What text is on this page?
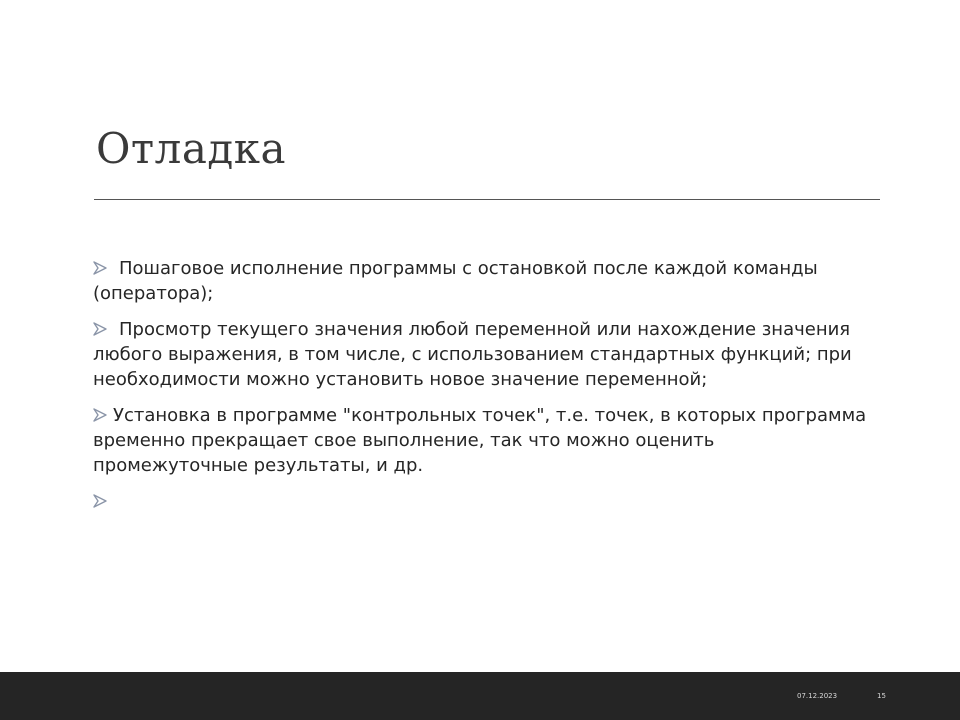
Отладка
Пошаговое исполнение программы с остановкой после каждой команды
(оператора);
Просмотр текущего значения любой переменной или нахождение значения
любого выражения, в том числе, с использованием стандартных функций; при
необходимости можно установить новое значение переменной;
Установка в программе "контрольных точек", т.е. точек, в которых программа
временно прекращает свое выполнение, так что можно оценить
промежуточные результаты, и др.
07.12.2023	15
